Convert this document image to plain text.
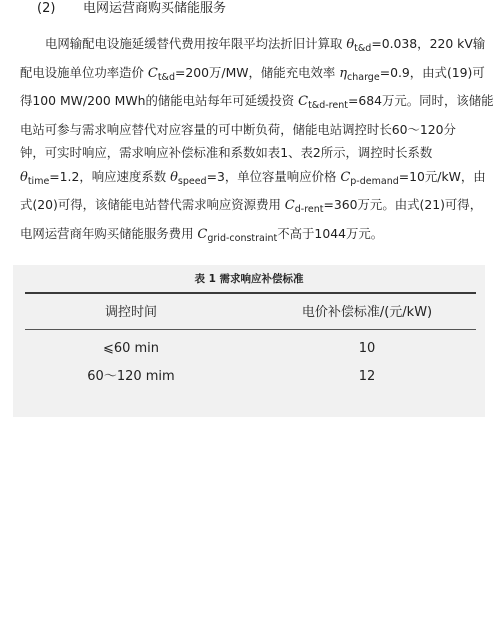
(2) 电网运营商购买储能服务
电网输配电设施延缓替代费用按年限平均法折旧计算取 $\theta_{t\&d}=0.038$，220 kV输
配电设施单位功率造价 $C_{t\&d}=200$万/MW，储能充电效率 $\eta_{charge}=0.9$，由式(19)可
得100 MW/200 MWh的储能电站每年可延缓投资 $C_{t\&d-rent}=684$万元。同时，该储能
电站可参与需求响应替代对应容量的可中断负荷，储能电站调控时长60～120分
钟，可实时响应，需求响应补偿标准和系数如表1、表2所示，调控时长系数
$\theta_{time}=1.2$，响应速度系数 $\theta_{speed}=3$，单位容量响应价格 $C_{p-demand}=10$元/kW，由
式(20)可得，该储能电站替代需求响应资源费用 $C_{d-rent}=360$万元。由式(21)可得，
电网运营商年购买储能服务费用 $C_{grid-constraint}$不高于1044万元。
表 1 需求响应补偿标准
调控时间	电价补偿标准/(元/kW)
⩽60 min	10
60～120 mim	12
